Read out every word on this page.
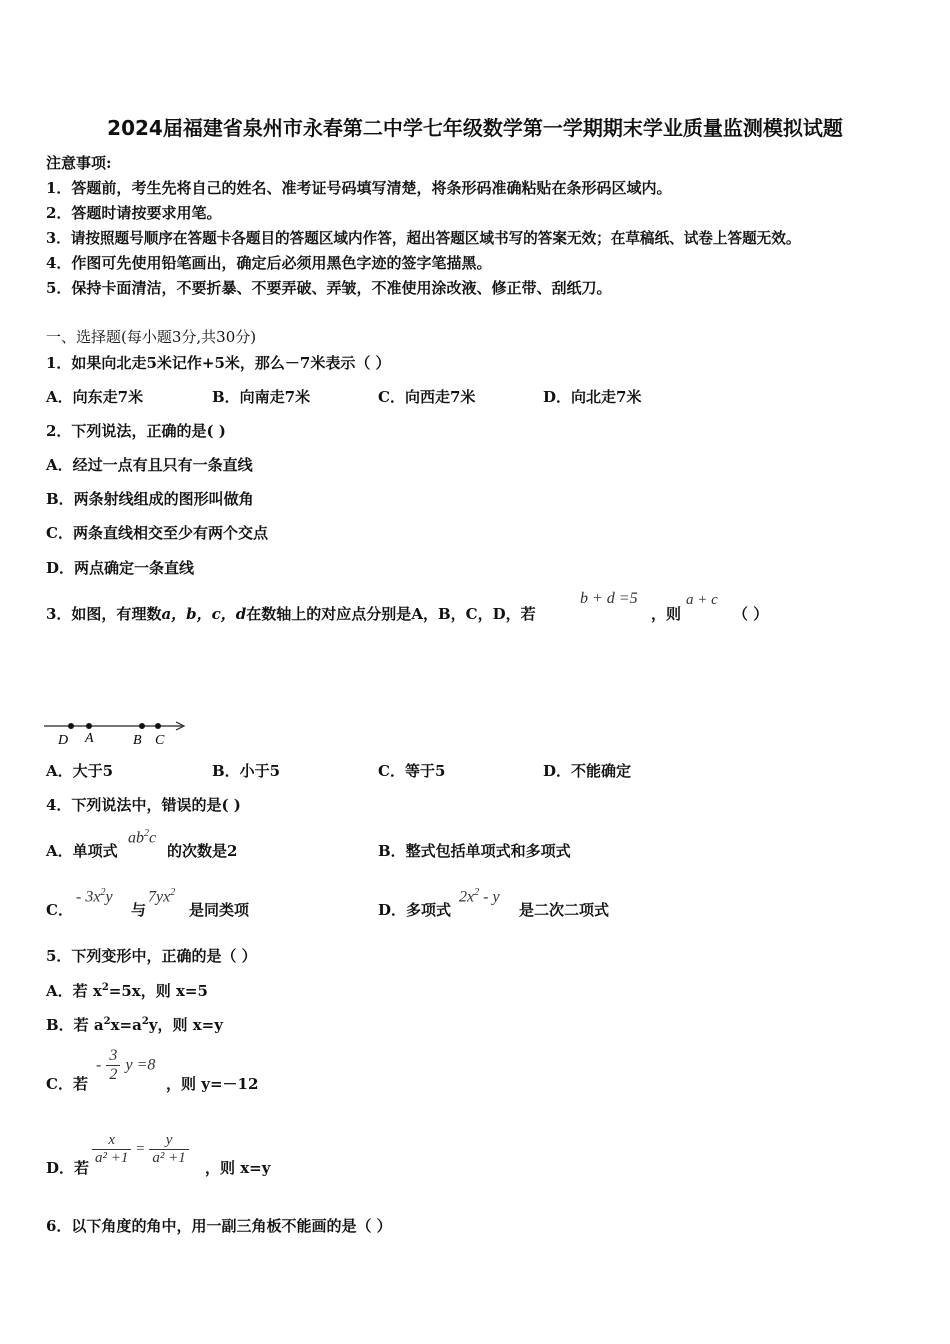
2024届福建省泉州市永春第二中学七年级数学第一学期期末学业质量监测模拟试题
注意事项:
1．答题前，考生先将自己的姓名、准考证号码填写清楚，将条形码准确粘贴在条形码区域内。
2．答题时请按要求用笔。
3．请按照题号顺序在答题卡各题目的答题区域内作答，超出答题区域书写的答案无效；在草稿纸、试卷上答题无效。
4．作图可先使用铅笔画出，确定后必须用黑色字迹的签字笔描黑。
5．保持卡面清洁，不要折暴、不要弄破、弄皱，不准使用涂改液、修正带、刮纸刀。
一、选择题(每小题3分,共30分)
1．如果向北走5米记作+5米，那么－7米表示（ ）
A．向东走7米	B．向南走7米	C．向西走7米	D．向北走7米
2．下列说法，正确的是( )
A．经过一点有且只有一条直线
B．两条射线组成的图形叫做角
C．两条直线相交至少有两个交点
D．两点确定一条直线
3．如图，有理数a，b，c，d在数轴上的对应点分别是A，B，C，D，若
b + d =5
，则
a + c
（ ）
D A	B C
A．大于5	B．小于5	C．等于5	D．不能确定
4．下列说法中，错误的是( )
A．单项式
$ab^2c$
的次数是2	B．整式包括单项式和多项式
C．
- $3x^2y$
与
$7yx^2$
是同类项	D．多项式
$2x^2$ - y
是二次二项式
5．下列变形中，正确的是（ ）
A．若 $x^2=5x$，则 x=5
B．若 $a^2x=a^2y$，则 x=y
C．若
- $\frac{3}{2}$ y =8
，则 y=－12
D．若
$\frac{x}{\text{a² +1}} = \frac{y}{\text{a² +1}}$
，则 x=y
6．以下角度的角中，用一副三角板不能画的是（ ）
